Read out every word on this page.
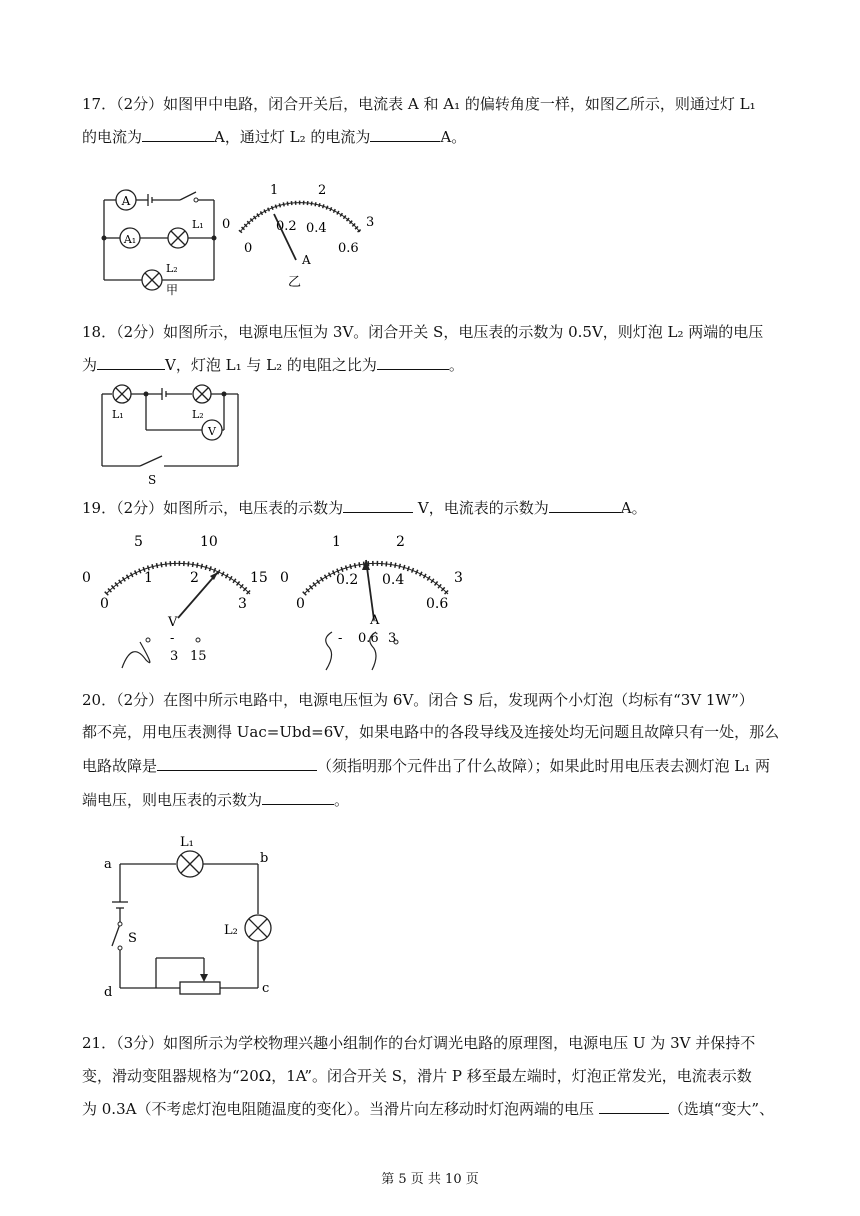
17．（2分）如图甲中电路，闭合开关后，电流表 A 和 A₁ 的偏转角度一样，如图乙所示，则通过灯 L₁
的电流为	A，通过灯 L₂ 的电流为	A。
A
A₁
L₁
L₂
甲
0
1	2
3
0
0.2 0.4
0.6
A
乙
18．（2分）如图所示，电源电压恒为 3V。闭合开关 S，电压表的示数为 0.5V，则灯泡 L₂ 两端的电压
为	V，灯泡 L₁ 与 L₂ 的电阻之比为	。
L₁	L₂
V
S
19．（2分）如图所示，电压表的示数为	V，电流表的示数为	A。
0
5	10
15
0
1	2
3
V
-
3 15
0
1	2
3
0
0.2 0.4
0.6
A
- 0.6 3
20．（2分）在图中所示电路中，电源电压恒为 6V。闭合 S 后，发现两个小灯泡（均标有“3V 1W”）
都不亮，用电压表测得 Uac=Ubd=6V，如果电路中的各段导线及连接处均无问题且故障只有一处，那么
电路故障是	（须指明那个元件出了什么故障）；如果此时用电压表去测灯泡 L₁ 两
端电压，则电压表的示数为	。
a	b
c
d
L₁
L₂
S
21．（3分）如图所示为学校物理兴趣小组制作的台灯调光电路的原理图，电源电压 U 为 3V 并保持不
变，滑动变阻器规格为“20Ω，1A”。闭合开关 S，滑片 P 移至最左端时，灯泡正常发光，电流表示数
为 0.3A（不考虑灯泡电阻随温度的变化）。当滑片向左移动时灯泡两端的电压	（选填“变大”、
第 5 页 共 10 页
